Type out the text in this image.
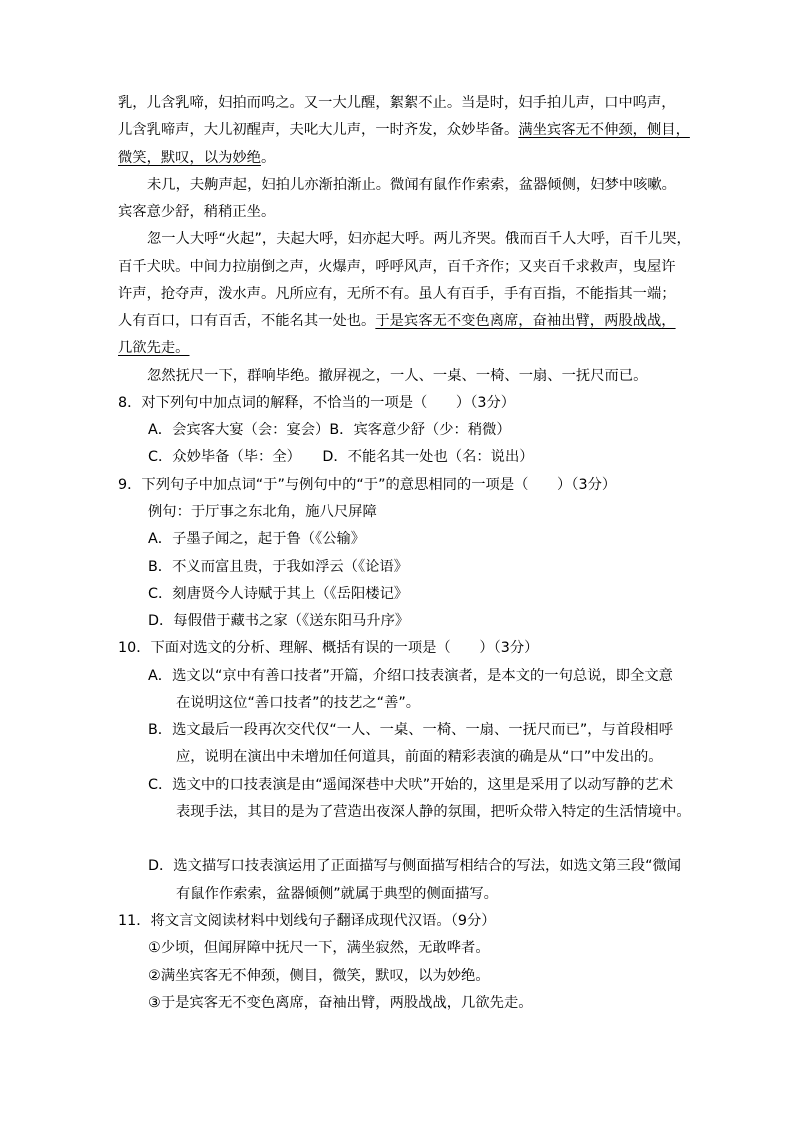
乳，儿含乳啼，妇拍而呜之。又一大儿醒，絮絮不止。当是时，妇手拍儿声，口中呜声，
儿含乳啼声，大儿初醒声，夫叱大儿声，一时齐发，众妙毕备。满坐宾客无不伸颈，侧目，
微笑，默叹，以为妙绝。
未几，夫齁声起，妇拍儿亦渐拍渐止。微闻有鼠作作索索，盆器倾侧，妇梦中咳嗽。
宾客意少舒，稍稍正坐。
忽一人大呼“火起”，夫起大呼，妇亦起大呼。两儿齐哭。俄而百千人大呼，百千儿哭，
百千犬吠。中间力拉崩倒之声，火爆声，呼呼风声，百千齐作；又夹百千求救声，曳屋许
许声，抢夺声，泼水声。凡所应有，无所不有。虽人有百手，手有百指，不能指其一端；
人有百口，口有百舌，不能名其一处也。于是宾客无不变色离席，奋袖出臂，两股战战，
几欲先走。
忽然抚尺一下，群响毕绝。撤屏视之，一人、一桌、一椅、一扇、一抚尺而已。
8．对下列句中加点词的解释，不恰当的一项是（　　）（3分）
A．会宾客大宴（会：宴会）B．宾客意少舒（少：稍微）
C．众妙毕备（毕：全）　　D．不能名其一处也（名：说出）
9．下列句子中加点词“于”与例句中的“于”的意思相同的一项是（　　）（3分）
例句：于厅事之东北角，施八尺屏障
A．子墨子闻之，起于鲁（《公输》
B．不义而富且贵，于我如浮云（《论语》
C．刻唐贤今人诗赋于其上（《岳阳楼记》
D．每假借于藏书之家（《送东阳马升序》
10．下面对选文的分析、理解、概括有误的一项是（　　）（3分）
A．选文以“京中有善口技者”开篇，介绍口技表演者，是本文的一句总说，即全文意
在说明这位“善口技者”的技艺之“善”。
B．选文最后一段再次交代仅“一人、一桌、一椅、一扇、一抚尺而已”，与首段相呼
应，说明在演出中未增加任何道具，前面的精彩表演的确是从“口”中发出的。
C．选文中的口技表演是由“遥闻深巷中犬吠”开始的，这里是采用了以动写静的艺术
表现手法，其目的是为了营造出夜深人静的氛围，把听众带入特定的生活情境中。
D．选文描写口技表演运用了正面描写与侧面描写相结合的写法，如选文第三段“微闻
有鼠作作索索，盆器倾侧”就属于典型的侧面描写。
11．将文言文阅读材料中划线句子翻译成现代汉语。（9分）
①少顷，但闻屏障中抚尺一下，满坐寂然，无敢哗者。
②满坐宾客无不伸颈，侧目，微笑，默叹，以为妙绝。
③于是宾客无不变色离席，奋袖出臂，两股战战，几欲先走。
